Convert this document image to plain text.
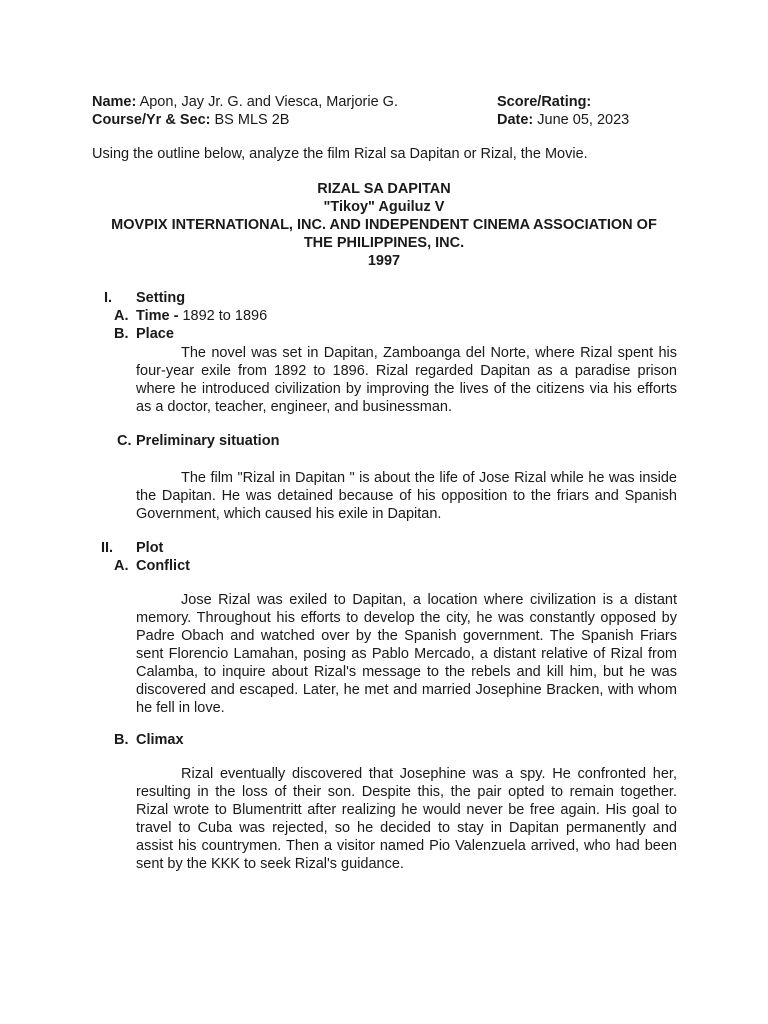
Name: Apon, Jay Jr. G. and Viesca, Marjorie G.	Score/Rating:
Course/Yr & Sec: BS MLS 2B	Date: June 05, 2023
Using the outline below, analyze the film Rizal sa Dapitan or Rizal, the Movie.
RIZAL SA DAPITAN
"Tikoy" Aguiluz V
MOVPIX INTERNATIONAL, INC. AND INDEPENDENT CINEMA ASSOCIATION OF
THE PHILIPPINES, INC.
1997
I. Setting
A. Time - 1892 to 1896
B. Place

The novel was set in Dapitan, Zamboanga del Norte, where Rizal spent his four-year exile from 1892 to 1896. Rizal regarded Dapitan as a paradise prison where he introduced civilization by improving the lives of the citizens via his efforts as a doctor, teacher, engineer, and businessman.

C. Preliminary situation

The film "Rizal in Dapitan " is about the life of Jose Rizal while he was inside the Dapitan. He was detained because of his opposition to the friars and Spanish Government, which caused his exile in Dapitan.

II. Plot
A. Conflict

Jose Rizal was exiled to Dapitan, a location where civilization is a distant memory. Throughout his efforts to develop the city, he was constantly opposed by Padre Obach and watched over by the Spanish government. The Spanish Friars sent Florencio Lamahan, posing as Pablo Mercado, a distant relative of Rizal from Calamba, to inquire about Rizal's message to the rebels and kill him, but he was discovered and escaped. Later, he met and married Josephine Bracken, with whom he fell in love.

B. Climax

Rizal eventually discovered that Josephine was a spy. He confronted her, resulting in the loss of their son. Despite this, the pair opted to remain together. Rizal wrote to Blumentritt after realizing he would never be free again. His goal to travel to Cuba was rejected, so he decided to stay in Dapitan permanently and assist his countrymen. Then a visitor named Pio Valenzuela arrived, who had been sent by the KKK to seek Rizal's guidance.
